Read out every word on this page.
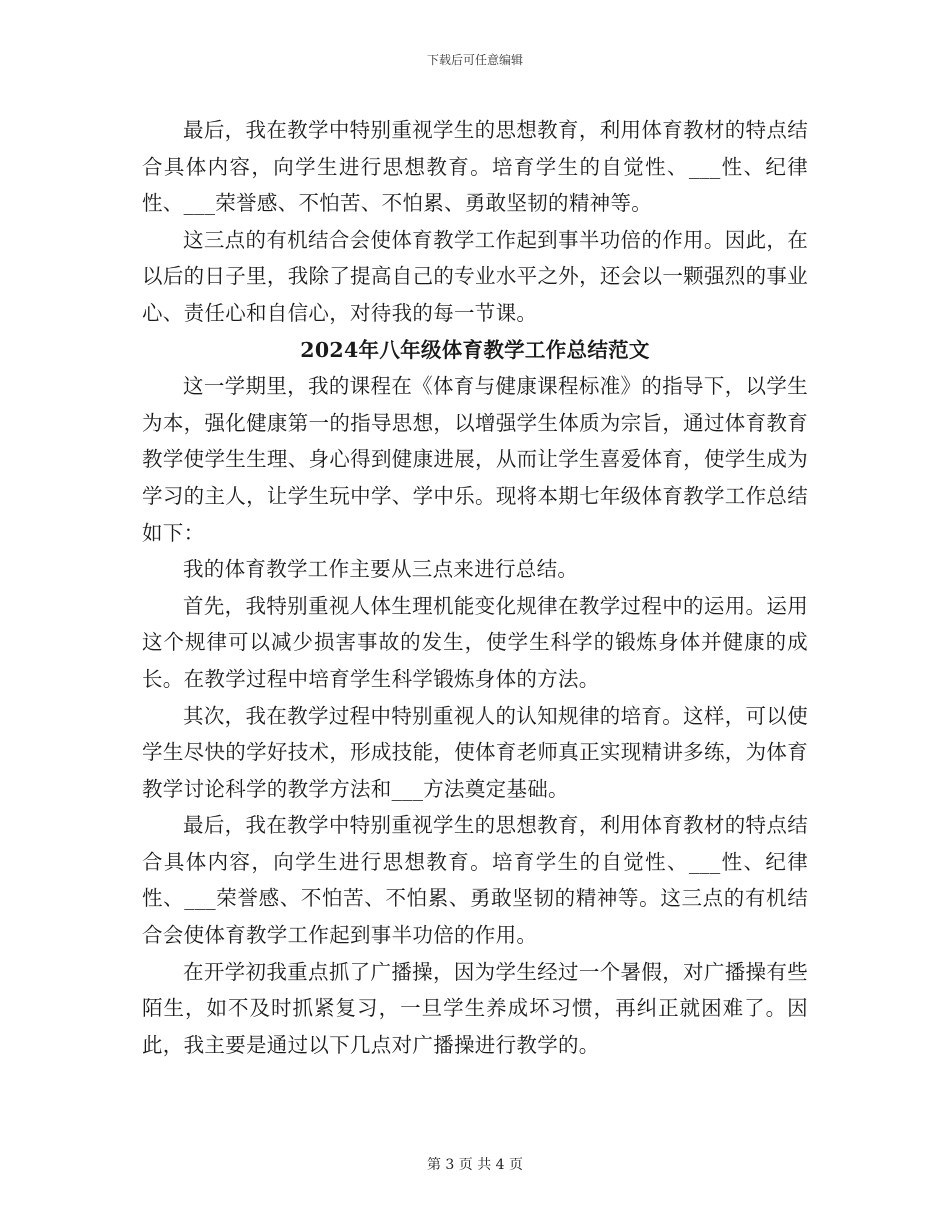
下载后可任意编辑

最后，我在教学中特别重视学生的思想教育，利用体育教材的特点结合具体内容，向学生进行思想教育。培育学生的自觉性、___性、纪律性、___荣誉感、不怕苦、不怕累、勇敢坚韧的精神等。

这三点的有机结合会使体育教学工作起到事半功倍的作用。因此，在以后的日子里，我除了提高自己的专业水平之外，还会以一颗强烈的事业心、责任心和自信心，对待我的每一节课。

2024年八年级体育教学工作总结范文

这一学期里，我的课程在《体育与健康课程标准》的指导下，以学生为本，强化健康第一的指导思想，以增强学生体质为宗旨，通过体育教育教学使学生生理、身心得到健康进展，从而让学生喜爱体育，使学生成为学习的主人，让学生玩中学、学中乐。现将本期七年级体育教学工作总结如下：

我的体育教学工作主要从三点来进行总结。

首先，我特别重视人体生理机能变化规律在教学过程中的运用。运用这个规律可以减少损害事故的发生，使学生科学的锻炼身体并健康的成长。在教学过程中培育学生科学锻炼身体的方法。

其次，我在教学过程中特别重视人的认知规律的培育。这样，可以使学生尽快的学好技术，形成技能，使体育老师真正实现精讲多练，为体育教学讨论科学的教学方法和___方法奠定基础。

最后，我在教学中特别重视学生的思想教育，利用体育教材的特点结合具体内容，向学生进行思想教育。培育学生的自觉性、___性、纪律性、___荣誉感、不怕苦、不怕累、勇敢坚韧的精神等。这三点的有机结合会使体育教学工作起到事半功倍的作用。

在开学初我重点抓了广播操，因为学生经过一个暑假，对广播操有些陌生，如不及时抓紧复习，一旦学生养成坏习惯，再纠正就困难了。因此，我主要是通过以下几点对广播操进行教学的。

第 3 页 共 4 页
